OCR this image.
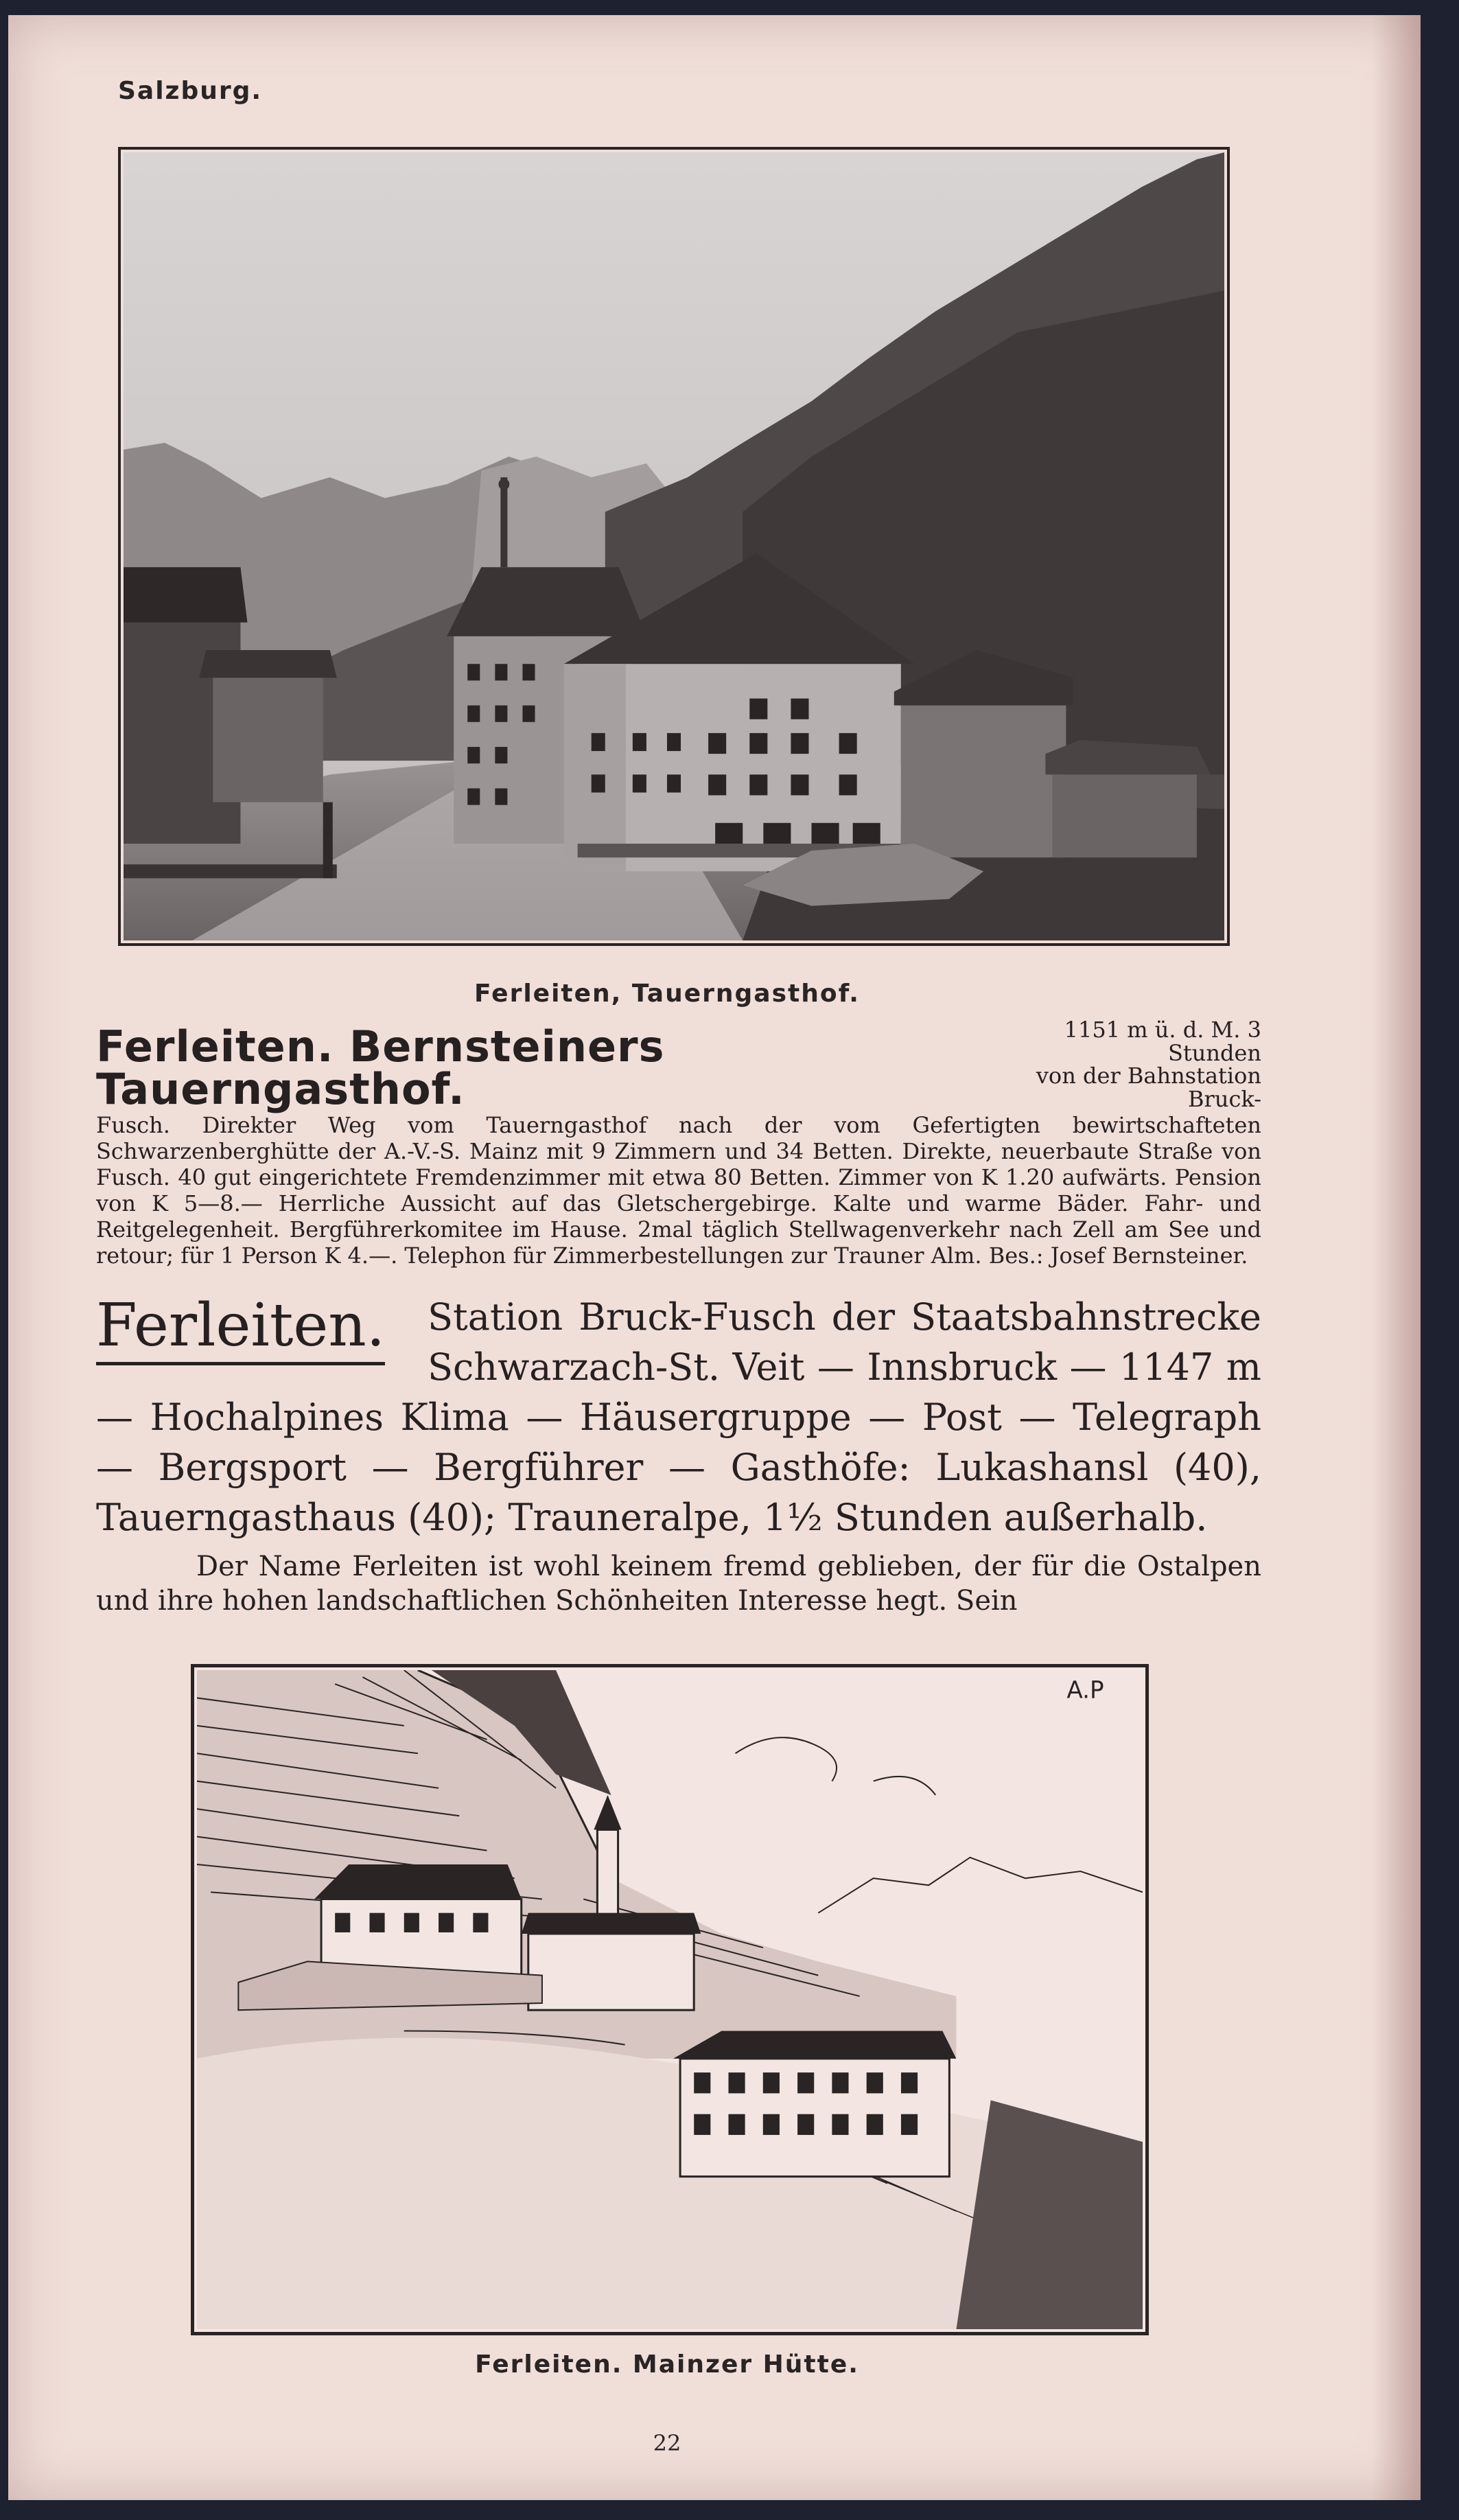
Salzburg.
Ferleiten, Tauerngasthof.
Ferleiten. Bernsteiners Tauerngasthof.
1151 m ü. d. M. 3 Stunden
von der Bahnstation Bruck-
Fusch. Direkter Weg vom Tauerngasthof nach der vom Gefertigten bewirtschafteten Schwarzenberghütte der A.-V.-S. Mainz mit 9 Zimmern und 34 Betten. Direkte, neuerbaute Straße von Fusch. 40 gut eingerichtete Fremdenzimmer mit etwa 80 Betten. Zimmer von K 1.20 aufwärts. Pension von K 5—8.— Herrliche Aussicht auf das Gletschergebirge. Kalte und warme Bäder. Fahr- und Reitgelegenheit. Bergführerkomitee im Hause. 2mal täglich Stellwagenverkehr nach Zell am See und retour; für 1 Person K 4.—. Telephon für Zimmerbestellungen zur Trauner Alm. Bes.: Josef Bernsteiner.
Ferleiten.	Station Bruck-Fusch der Staatsbahnstrecke Schwarzach-St. Veit — Innsbruck — 1147 m — Hochalpines Klima — Häusergruppe — Post — Telegraph — Bergsport — Bergführer — Gasthöfe: Lukashansl (40), Tauerngasthaus (40); Trauneralpe, 1½ Stunden außerhalb.
Der Name Ferleiten ist wohl keinem fremd geblieben, der für die Ostalpen und ihre hohen landschaftlichen Schönheiten Interesse hegt. Sein
A.P
Ferleiten. Mainzer Hütte.
22
